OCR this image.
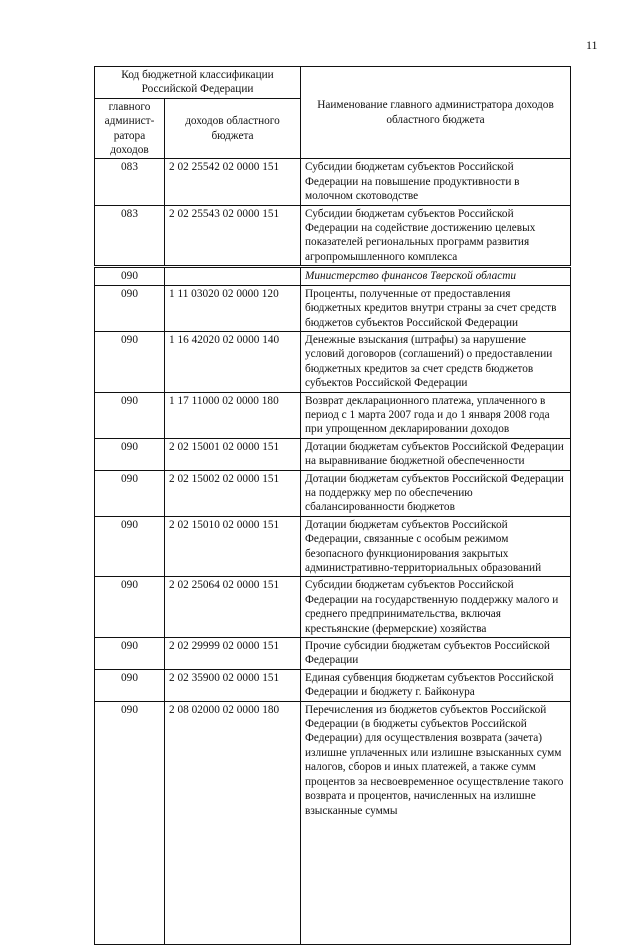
11
Код бюджетной классификации Российской Федерации		Наименование главного администратора доходов областного бюджета
главного админист-ратора доходов	доходов областного бюджета	
083	2 02 25542 02 0000 151	Субсидии бюджетам субъектов Российской Федерации на повышение продуктивности в молочном скотоводстве
083	2 02 25543 02 0000 151	Субсидии бюджетам субъектов Российской Федерации на содействие достижению целевых показателей региональных программ развития агропромышленного комплекса
090		Министерство финансов Тверской области
090	1 11 03020 02 0000 120	Проценты, полученные от предоставления бюджетных кредитов внутри страны за счет средств бюджетов субъектов Российской Федерации
090	1 16 42020 02 0000 140	Денежные взыскания (штрафы) за нарушение условий договоров (соглашений) о предоставлении бюджетных кредитов за счет средств бюджетов субъектов Российской Федерации
090	1 17 11000 02 0000 180	Возврат декларационного платежа, уплаченного в период с 1 марта 2007 года и до 1 января 2008 года при упрощенном декларировании доходов
090	2 02 15001 02 0000 151	Дотации бюджетам субъектов Российской Федерации на выравнивание бюджетной обеспеченности
090	2 02 15002 02 0000 151	Дотации бюджетам субъектов Российской Федерации на поддержку мер по обеспечению сбалансированности бюджетов
090	2 02 15010 02 0000 151	Дотации бюджетам субъектов Российской Федерации, связанные с особым режимом безопасного функционирования закрытых административно-территориальных образований
090	2 02 25064 02 0000 151	Субсидии бюджетам субъектов Российской Федерации на государственную поддержку малого и среднего предпринимательства, включая крестьянские (фермерские) хозяйства
090	2 02 29999 02 0000 151	Прочие субсидии бюджетам субъектов Российской Федерации
090	2 02 35900 02 0000 151	Единая субвенция бюджетам субъектов Российской Федерации и бюджету г. Байконура
090	2 08 02000 02 0000 180	Перечисления из бюджетов субъектов Российской Федерации (в бюджеты субъектов Российской Федерации) для осуществления возврата (зачета) излишне уплаченных или излишне взысканных сумм налогов, сборов и иных платежей, а также сумм процентов за несвоевременное осуществление такого возврата и процентов, начисленных на излишне взысканные суммы
